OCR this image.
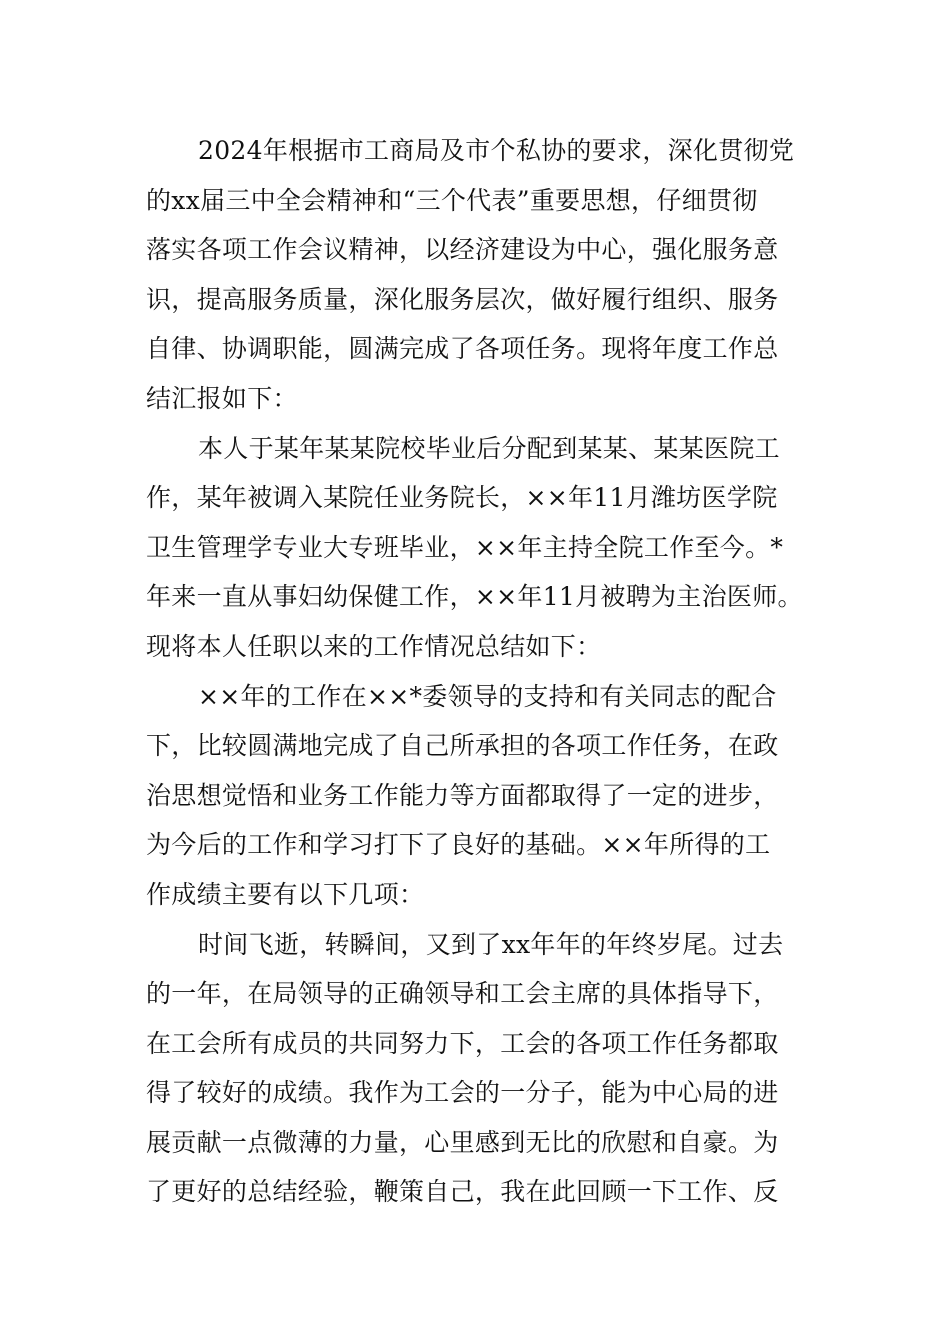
2024年根据市工商局及市个私协的要求，深化贯彻党
的xx届三中全会精神和“三个代表”重要思想，仔细贯彻
落实各项工作会议精神，以经济建设为中心，强化服务意
识，提高服务质量，深化服务层次，做好履行组织、服务
自律、协调职能，圆满完成了各项任务。现将年度工作总
结汇报如下：

本人于某年某某院校毕业后分配到某某、某某医院工
作，某年被调入某院任业务院长，××年11月潍坊医学院
卫生管理学专业大专班毕业，××年主持全院工作至今。*
年来一直从事妇幼保健工作，××年11月被聘为主治医师。
现将本人任职以来的工作情况总结如下：

××年的工作在××*委领导的支持和有关同志的配合
下，比较圆满地完成了自己所承担的各项工作任务，在政
治思想觉悟和业务工作能力等方面都取得了一定的进步，
为今后的工作和学习打下了良好的基础。××年所得的工
作成绩主要有以下几项：

时间飞逝，转瞬间，又到了xx年年的年终岁尾。过去
的一年，在局领导的正确领导和工会主席的具体指导下，
在工会所有成员的共同努力下，工会的各项工作任务都取
得了较好的成绩。我作为工会的一分子，能为中心局的进
展贡献一点微薄的力量，心里感到无比的欣慰和自豪。为
了更好的总结经验，鞭策自己，我在此回顾一下工作、反
